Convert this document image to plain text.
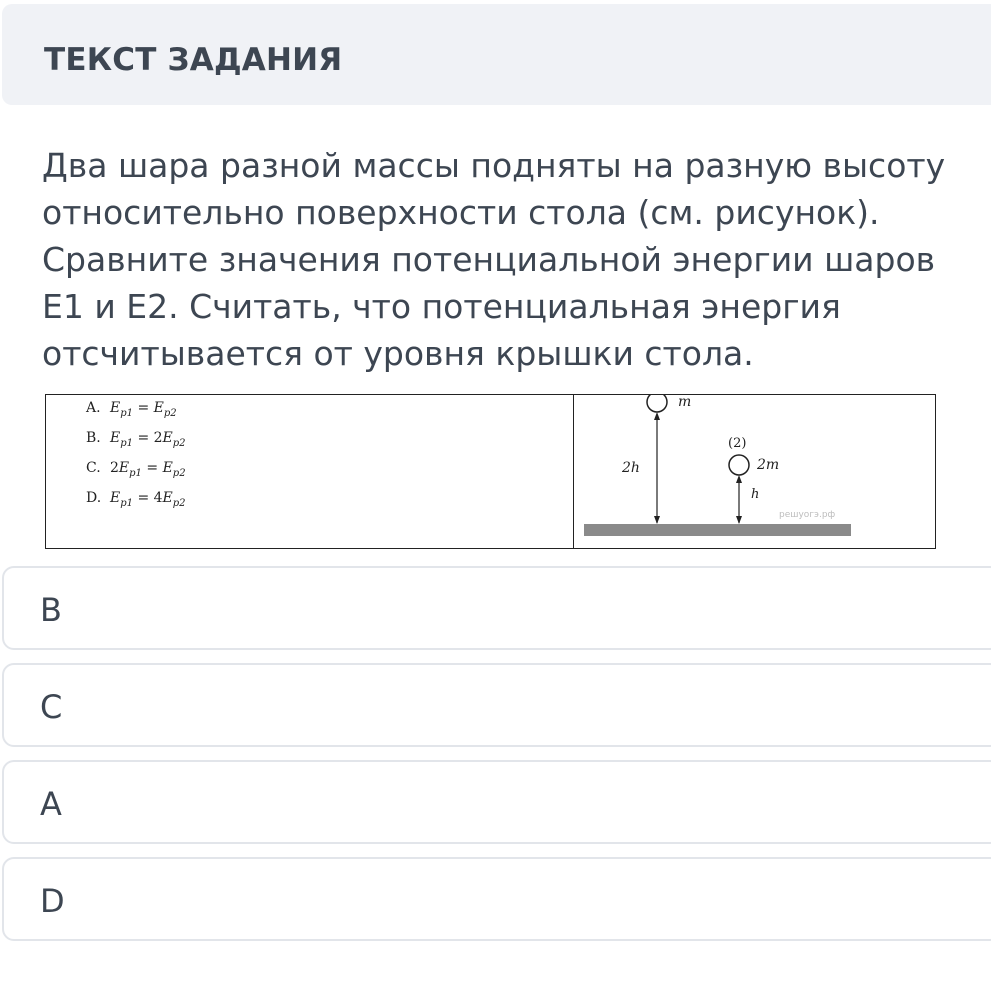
ТЕКСТ ЗАДАНИЯ
Два шара разной массы подняты на разную высоту
относительно поверхности стола (см. рисунок).
Сравните значения потенциальной энергии шаров
E1 и E2. Считать, что потенциальная энергия
отсчитывается от уровня крышки стола.
A. $E_{p1} = E_{p2}$
B. $E_{p1} = 2E_{p2}$
C. $2E_{p1} = E_{p2}$
D. $E_{p1} = 4E_{p2}$
m
2h
(2)
2m
h
решуогэ.рф
B
C
A
D
